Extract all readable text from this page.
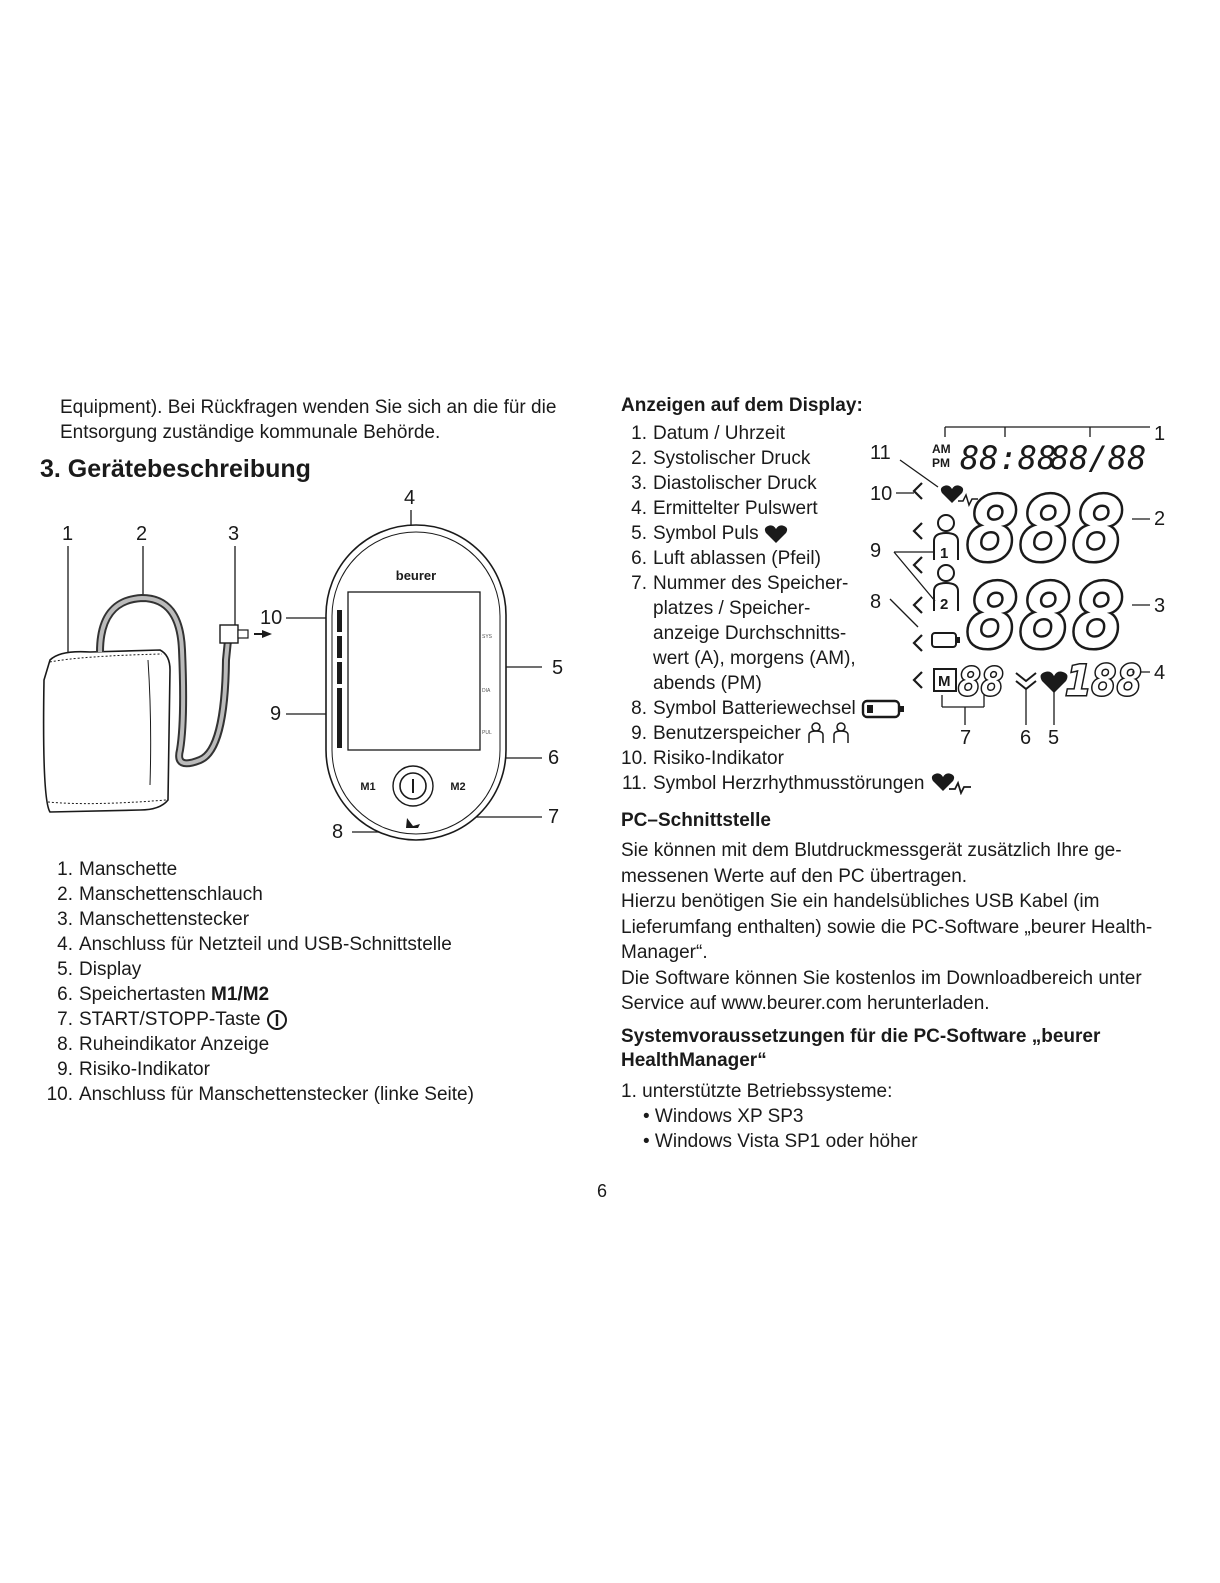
Equipment). Bei Rückfragen wenden Sie sich an die für die
Entsorgung zuständige kommunale Behörde.
3. Gerätebeschreibung
1	2	3
4
5
6
7
8
9
10
beurer
SYS
DIA
PUL
M1	M2
1. Manschette
2. Manschettenschlauch
3. Manschettenstecker
4. Anschluss für Netzteil und USB-Schnittstelle
5. Display
6. Speichertasten M1/M2
7. START/STOPP-Taste
8. Ruheindikator Anzeige
9. Risiko-Indikator
10. Anschluss für Manschettenstecker (linke Seite)
Anzeigen auf dem Display:
1. Datum / Uhrzeit
2. Systolischer Druck
3. Diastolischer Druck
4. Ermittelter Pulswert
5. Symbol Puls
6. Luft ablassen (Pfeil)
7. Nummer des Speicher-
platzes / Speicher-
anzeige Durchschnitts-
wert (A), morgens (AM),
abends (PM)
8. Symbol Batteriewechsel
9. Benutzerspeicher
10. Risiko-Indikator
11. Symbol Herzrhythmusstörungen
1
2
3
4
5
6
7
8
9
10
11	AM
PM 88:88
88/88
1
2
888
888
M 88 188
PC–Schnittstelle
Sie können mit dem Blutdruckmessgerät zusätzlich Ihre ge-
messenen Werte auf den PC übertragen.
Hierzu benötigen Sie ein handelsübliches USB Kabel (im
Lieferumfang enthalten) sowie die PC-Software „beurer Health-
Manager“.
Die Software können Sie kostenlos im Downloadbereich unter
Service auf www.beurer.com herunterladen.
Systemvoraussetzungen für die PC-Software „beurer
HealthManager“
1. unterstützte Betriebssysteme:
• Windows XP SP3
• Windows Vista SP1 oder höher
6
